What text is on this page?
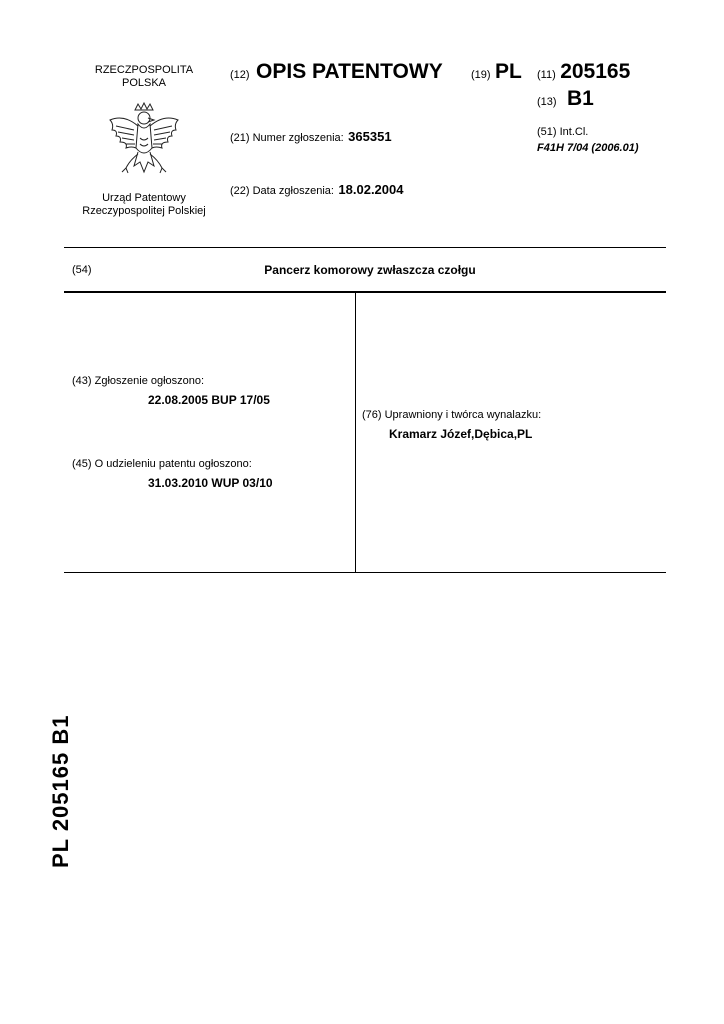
RZECZPOSPOLITA
POLSKA
Urząd Patentowy
Rzeczypospolitej Polskiej
(12) OPIS PATENTOWY	(19) PL
(21) Numer zgłoszenia: 365351
(22) Data zgłoszenia: 18.02.2004
(11) 205165
(13) B1
(51) Int.Cl.
F41H 7/04 (2006.01)
(54)	Pancerz komorowy zwłaszcza czołgu
(43) Zgłoszenie ogłoszono:
22.08.2005 BUP 17/05
(45) O udzieleniu patentu ogłoszono:
31.03.2010 WUP 03/10
(76) Uprawniony i twórca wynalazku:
Kramarz Józef,Dębica,PL
PL 205165 B1
